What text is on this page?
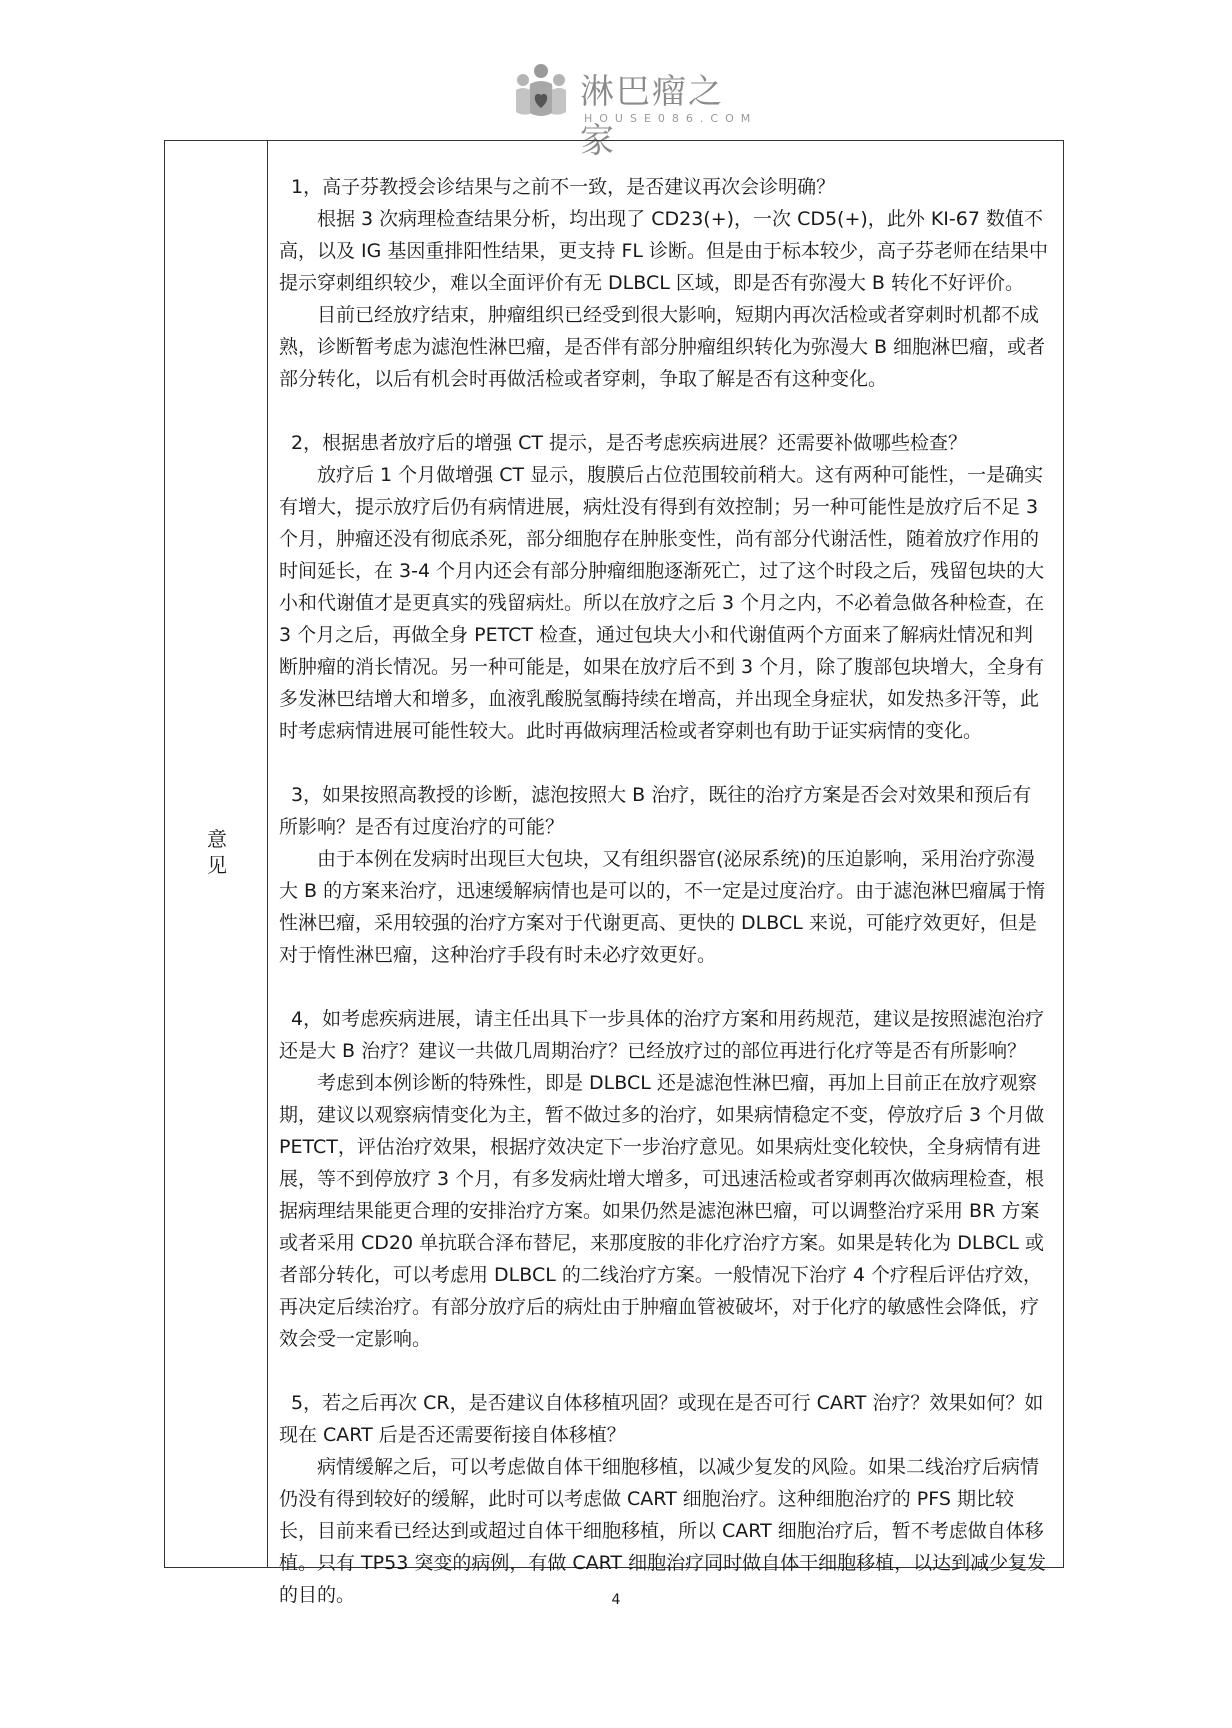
淋巴瘤之家
HOUSE086.COM
意见

1，高子芬教授会诊结果与之前不一致，是否建议再次会诊明确？

根据 3 次病理检查结果分析，均出现了 CD23(+)，一次 CD5(+)，此外 KI-67 数值不高，以及 IG 基因重排阳性结果，更支持 FL 诊断。但是由于标本较少，高子芬老师在结果中提示穿刺组织较少，难以全面评价有无 DLBCL 区域，即是否有弥漫大 B 转化不好评价。

目前已经放疗结束，肿瘤组织已经受到很大影响，短期内再次活检或者穿刺时机都不成熟，诊断暂考虑为滤泡性淋巴瘤，是否伴有部分肿瘤组织转化为弥漫大 B 细胞淋巴瘤，或者部分转化，以后有机会时再做活检或者穿刺，争取了解是否有这种变化。

2，根据患者放疗后的增强 CT 提示，是否考虑疾病进展？还需要补做哪些检查？

放疗后 1 个月做增强 CT 显示，腹膜后占位范围较前稍大。这有两种可能性，一是确实有增大，提示放疗后仍有病情进展，病灶没有得到有效控制；另一种可能性是放疗后不足 3 个月，肿瘤还没有彻底杀死，部分细胞存在肿胀变性，尚有部分代谢活性，随着放疗作用的时间延长，在 3-4 个月内还会有部分肿瘤细胞逐渐死亡，过了这个时段之后，残留包块的大小和代谢值才是更真实的残留病灶。所以在放疗之后 3 个月之内，不必着急做各种检查，在 3 个月之后，再做全身 PETCT 检查，通过包块大小和代谢值两个方面来了解病灶情况和判断肿瘤的消长情况。另一种可能是，如果在放疗后不到 3 个月，除了腹部包块增大，全身有多发淋巴结增大和增多，血液乳酸脱氢酶持续在增高，并出现全身症状，如发热多汗等，此时考虑病情进展可能性较大。此时再做病理活检或者穿刺也有助于证实病情的变化。

3，如果按照高教授的诊断，滤泡按照大 B 治疗，既往的治疗方案是否会对效果和预后有所影响？是否有过度治疗的可能？

由于本例在发病时出现巨大包块，又有组织器官(泌尿系统)的压迫影响，采用治疗弥漫大 B 的方案来治疗，迅速缓解病情也是可以的，不一定是过度治疗。由于滤泡淋巴瘤属于惰性淋巴瘤，采用较强的治疗方案对于代谢更高、更快的 DLBCL 来说，可能疗效更好，但是对于惰性淋巴瘤，这种治疗手段有时未必疗效更好。

4，如考虑疾病进展，请主任出具下一步具体的治疗方案和用药规范，建议是按照滤泡治疗还是大 B 治疗？建议一共做几周期治疗？已经放疗过的部位再进行化疗等是否有所影响？

考虑到本例诊断的特殊性，即是 DLBCL 还是滤泡性淋巴瘤，再加上目前正在放疗观察期，建议以观察病情变化为主，暂不做过多的治疗，如果病情稳定不变，停放疗后 3 个月做 PETCT，评估治疗效果，根据疗效决定下一步治疗意见。如果病灶变化较快，全身病情有进展，等不到停放疗 3 个月，有多发病灶增大增多，可迅速活检或者穿刺再次做病理检查，根据病理结果能更合理的安排治疗方案。如果仍然是滤泡淋巴瘤，可以调整治疗采用 BR 方案或者采用 CD20 单抗联合泽布替尼，来那度胺的非化疗治疗方案。如果是转化为 DLBCL 或者部分转化，可以考虑用 DLBCL 的二线治疗方案。一般情况下治疗 4 个疗程后评估疗效，再决定后续治疗。有部分放疗后的病灶由于肿瘤血管被破坏，对于化疗的敏感性会降低，疗效会受一定影响。

5，若之后再次 CR，是否建议自体移植巩固？或现在是否可行 CART 治疗？效果如何？如现在 CART 后是否还需要衔接自体移植？

病情缓解之后，可以考虑做自体干细胞移植，以减少复发的风险。如果二线治疗后病情仍没有得到较好的缓解，此时可以考虑做 CART 细胞治疗。这种细胞治疗的 PFS 期比较长，目前来看已经达到或超过自体干细胞移植，所以 CART 细胞治疗后，暂不考虑做自体移植。只有 TP53 突变的病例，有做 CART 细胞治疗同时做自体干细胞移植，以达到减少复发的目的。	4
